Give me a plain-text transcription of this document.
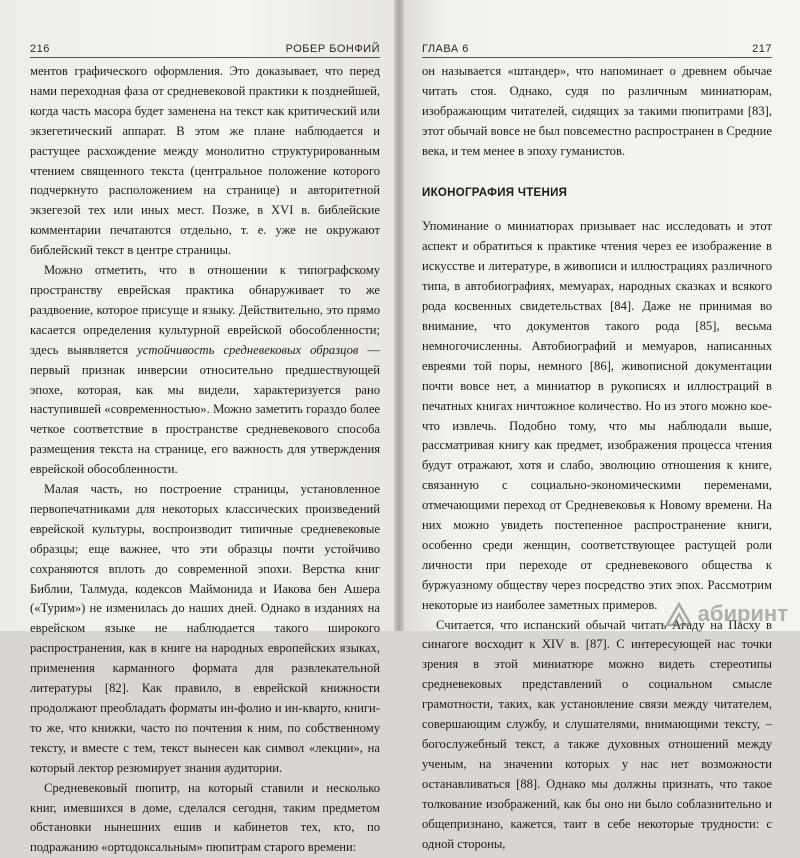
216	РОБЕР БОНФИЙ

ментов графического оформления. Это доказывает, что перед нами переходная фаза от средневековой практики к позднейшей, когда часть масора будет заменена на текст как критический или экзегетический аппарат. В этом же плане наблюдается и растущее расхождение между монолитно структурированным чтением священного текста (центральное положение которого подчеркнуто расположением на странице) и авторитетной экзегезой тех или иных мест. Позже, в XVI в. библейские комментарии печатаются отдельно, т. е. уже не окружают библейский текст в центре страницы.

Можно отметить, что в отношении к типографскому пространству еврейская практика обнаруживает то же раздвоение, которое присуще и языку. Действительно, это прямо касается определения культурной еврейской обособленности; здесь выявляется устойчивость средневековых образцов — первый признак инверсии относительно предшествующей эпохе, которая, как мы видели, характеризуется рано наступившей «современностью». Можно заметить гораздо более четкое соответствие в пространстве средневекового способа размещения текста на странице, его важность для утверждения еврейской обособленности.

Малая часть, но построение страницы, установленное первопечатниками для некоторых классических произведений еврейской культуры, воспроизводит типичные средневековые образцы; еще важнее, что эти образцы почти устойчиво сохраняются вплоть до современной эпохи. Верстка книг Библии, Талмуда, кодексов Маймонида и Иакова бен Ашера («Турим») не изменилась до наших дней. Однако в изданиях на еврейском языке не наблюдается такого широкого распространения, как в книге на народных европейских языках, применения карманного формата для развлекательной литературы [82]. Как правило, в еврейской книжности продолжают преобладать форматы ин-фолио и ин-кварто, книги-то же, что книжки, часто по почтения к ним, по собственному тексту, и вместе с тем, текст вынесен как символ «лекции», на который лектор резюмирует знания аудитории.

Средневековый пюпитр, на который ставили и несколько книг, имевшихся в доме, сделался сегодня, таким предметом обстановки нынешних ешив и кабинетов тех, кто, по подражанию «ортодоксальным» пюпитрам старого времени:

ГЛАВА 6	217

он называется «штандер», что напоминает о древнем обычае читать стоя. Однако, судя по различным миниатюрам, изображающим читателей, сидящих за такими пюпитрами [83], этот обычай вовсе не был повсеместно распространен в Средние века, и тем менее в эпоху гуманистов.

ИКОНОГРАФИЯ ЧТЕНИЯ

Упоминание о миниатюрах призывает нас исследовать и этот аспект и обратиться к практике чтения через ее изображение в искусстве и литературе, в живописи и иллюстрациях различного типа, в автобиографиях, мемуарах, народных сказках и всякого рода косвенных свидетельствах [84]. Даже не принимая во внимание, что документов такого рода [85], весьма немногочисленны. Автобиографий и мемуаров, написанных евреями той поры, немного [86], живописной документации почти вовсе нет, а миниатюр в рукописях и иллюстраций в печатных книгах ничтожное количество. Но из этого можно кое-что извлечь. Подобно тому, что мы наблюдали выше, рассматривая книгу как предмет, изображения процесса чтения будут отражают, хотя и слабо, эволюцию отношения к книге, связанную с социально-экономическими переменами, отмечающими переход от Средневековья к Новому времени. На них можно увидеть постепенное распространение книги, особенно среди женщин, соответствующее растущей роли личности при переходе от средневекового общества к буржуазному обществу через посредство этих эпох. Рассмотрим некоторые из наиболее заметных примеров.

Считается, что испанский обычай читать Агаду на Пасху в синагоге восходит к XIV в. [87]. С интересующей нас точки зрения в этой миниатюре можно видеть стереотипы средневековых представлений о социальном смысле грамотности, таких, как установление связи между читателем, совершающим службу, и слушателями, внимающими тексту, – богослужебный текст, а также духовных отношений между ученым, на значении которых у нас нет возможности останавливаться [88]. Однако мы должны признать, что такое толкование изображений, как бы оно ни было соблазнительно и общепризнано, кажется, таит в себе некоторые трудности: с одной стороны,

абиринт
